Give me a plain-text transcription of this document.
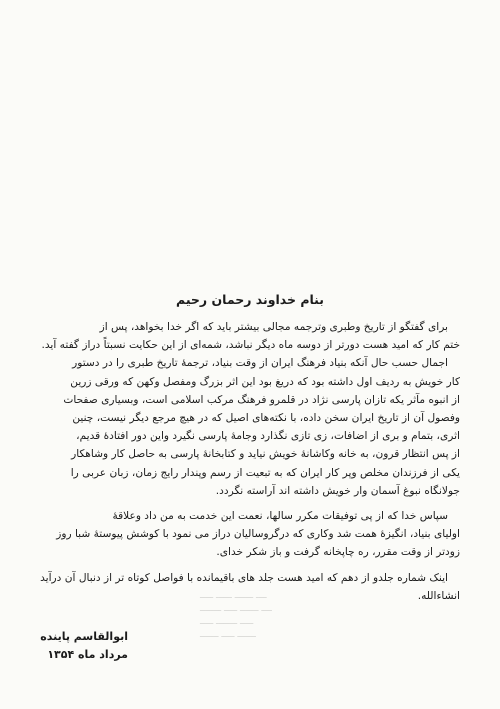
ـــــ ــــــ ـــــــ ــــ
ــــــــ ـــــ ـــــــ ــــ
ـــــ ــــــــ ـــــ
ـــــــ ـــــ ـــــــ
بنام خداوند رحمان رحیم

برای گفتگو از تاریخ وطبری وترجمه مجالی بیشتر باید که اگر خدا بخواهد، پس از
ختم کار که امید هست دورتر از دوسه ماه دیگر نباشد، شمه‌ای از این حکایت نسبتاً دراز گفته آید.

اجمال حسب حال آنکه بنیاد فرهنگ ایران از وقت بنیاد، ترجمهٔ تاریخ طبری را در دستور
کار خویش به ردیف اول داشته بود که دریغ بود این اثر بزرگ ومفصل وکهن که ورقی زرین
از انبوه مآثر یکه تازان پارسی نژاد در قلمرو فرهنگ مرکب اسلامی است، وبسیاری صفحات
وفصول آن از تاریخ ایران سخن داده، با نکته‌های اصیل که در هیچ مرجع دیگر نیست، چنین
اثری، بتمام و بری از اضافات، زی تازی نگذارد وجامهٔ پارسی نگیرد واین دور افتادهٔ قدیم،
از پس انتظار قرون، به خانه وکاشانهٔ خویش نیاید و کتابخانهٔ پارسی به حاصل کار وشاهکار
یکی از فرزندان مخلص وپر کار ایران که به تبعیت از رسم وپندار رایج زمان، زبان عربی را
جولانگاه نبوغ آسمان وار خویش داشته اند آراسته نگردد.

سپاس خدا که از پی توفیقات مکرر سالها، نعمت این خدمت به من داد وعلاقهٔ
اولیای بنیاد، انگیزهٔ همت شد وکاری که درگروسالیان دراز می نمود با کوشش پیوستهٔ شبا روز
زودتر از وقت مقرر، ره چاپخانه گرفت و باز شکر خدای.

اینک شماره جلدو از دهم که امید هست جلد های باقیمانده با فواصل کوتاه تر از دنبال آن درآید
انشاءالله.

ابوالقاسم پاینده
مرداد ماه ۱۳۵۴
